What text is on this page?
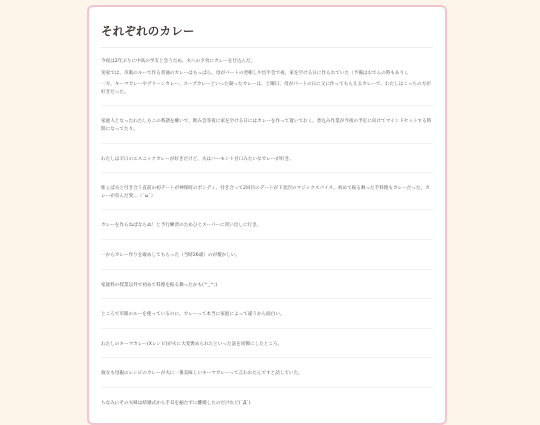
それぞれのカレー

今夜は2年ぶりに中高の学友と会うため、夫への夕食にカレーを仕込んだ。

実家では、市販のルーで作る普通のカレーはもっぱら、母がパートの翌朝しや出半会で夜、家を空ける日に作られていた（予備はおでんの時もあり）。

一方、キーマカレーやグリーンカレー、スープカレーといった凝ったカレーは、土曜日、母がパートの日に父に作ってもらえるカレーで、わたしはこっちの方が好きだった。

家庭人となったわたしもこの系譜を継いで、飲み会等夜に家を空ける日にはカレーを作って置いておく。煮込み作業が今夜の予定に向けてマインドセットする時間になってたり。

わたしは辛口のエスニックカレーが好きだけど、夫はバーモント甘口みたいなカレーが好き。

彫ぇば夫と付き合う直前の初デートが神保町のボンディ、付き合って2回目のデートが下北沢のマジックスパイス。初めて振る舞った手料理もカレーだった。カレーが育んだ愛…（´ω`）

カレーを作らねばならぬ！と予行練習のためひとスーパーに買い出しに行き。

一からカレー作りを敢めしてもらった（当時26歳）のが懐かしい。

家庭料の授業以外で初めて料理を振る舞ったかも(^_^;)

ところで市販のルーを使っているのに、カレーって本当に家庭によって違うから面白い。

わたしのキーマカレー(Xレシピ)が夫に大変褒められたといった話を同僚にしたところ。

彼女も母親のレシピのカレーが夫に一番美味しいキーマカレーって言われたんですと話していた。

ちなみにその夫婦は結婚式から手耳を揃たずに離婚したのだけれど(´Д`)
